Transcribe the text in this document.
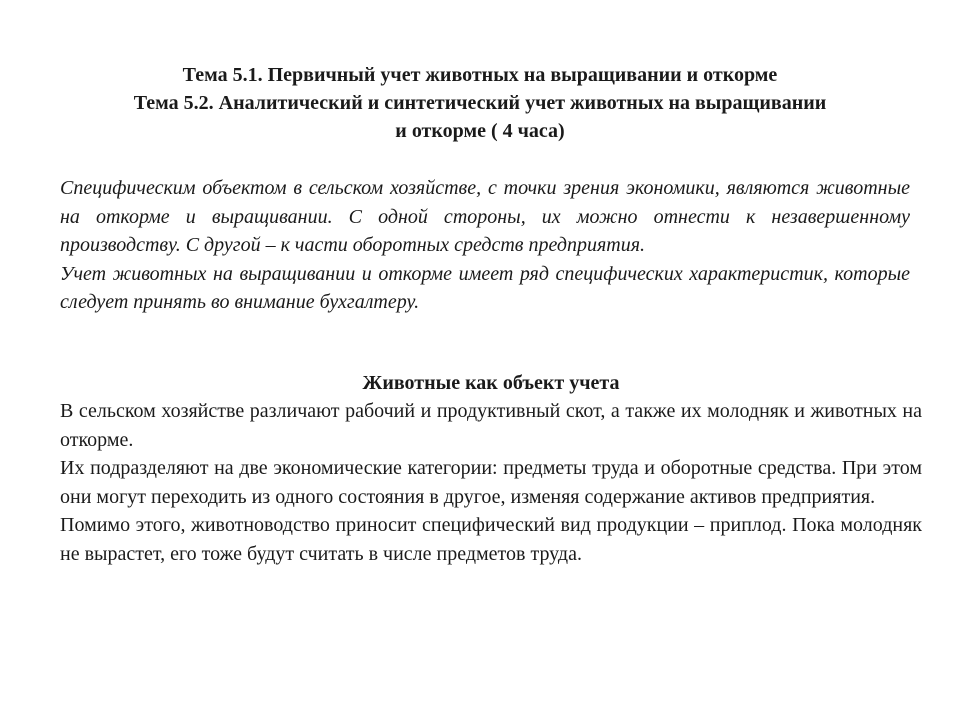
Тема 5.1. Первичный учет животных на выращивании и откорме
Тема 5.2. Аналитический и синтетический учет животных на выращивании
и откорме ( 4 часа)

Специфическим объектом в сельском хозяйстве, с точки зрения экономики, являются животные на откорме и выращивании. С одной стороны, их можно отнести к незавершенному производству. С другой – к части оборотных средств предприятия.

Учет животных на выращивании и откорме имеет ряд специфических характеристик, которые следует принять во внимание бухгалтеру.

Животные как объект учета

В сельском хозяйстве различают рабочий и продуктивный скот, а также их молодняк и животных на откорме.

Их подразделяют на две экономические категории: предметы труда и оборотные средства. При этом они могут переходить из одного состояния в другое, изменяя содержание активов предприятия.

Помимо этого, животноводство приносит специфический вид продукции – приплод. Пока молодняк не вырастет, его тоже будут считать в числе предметов труда.
